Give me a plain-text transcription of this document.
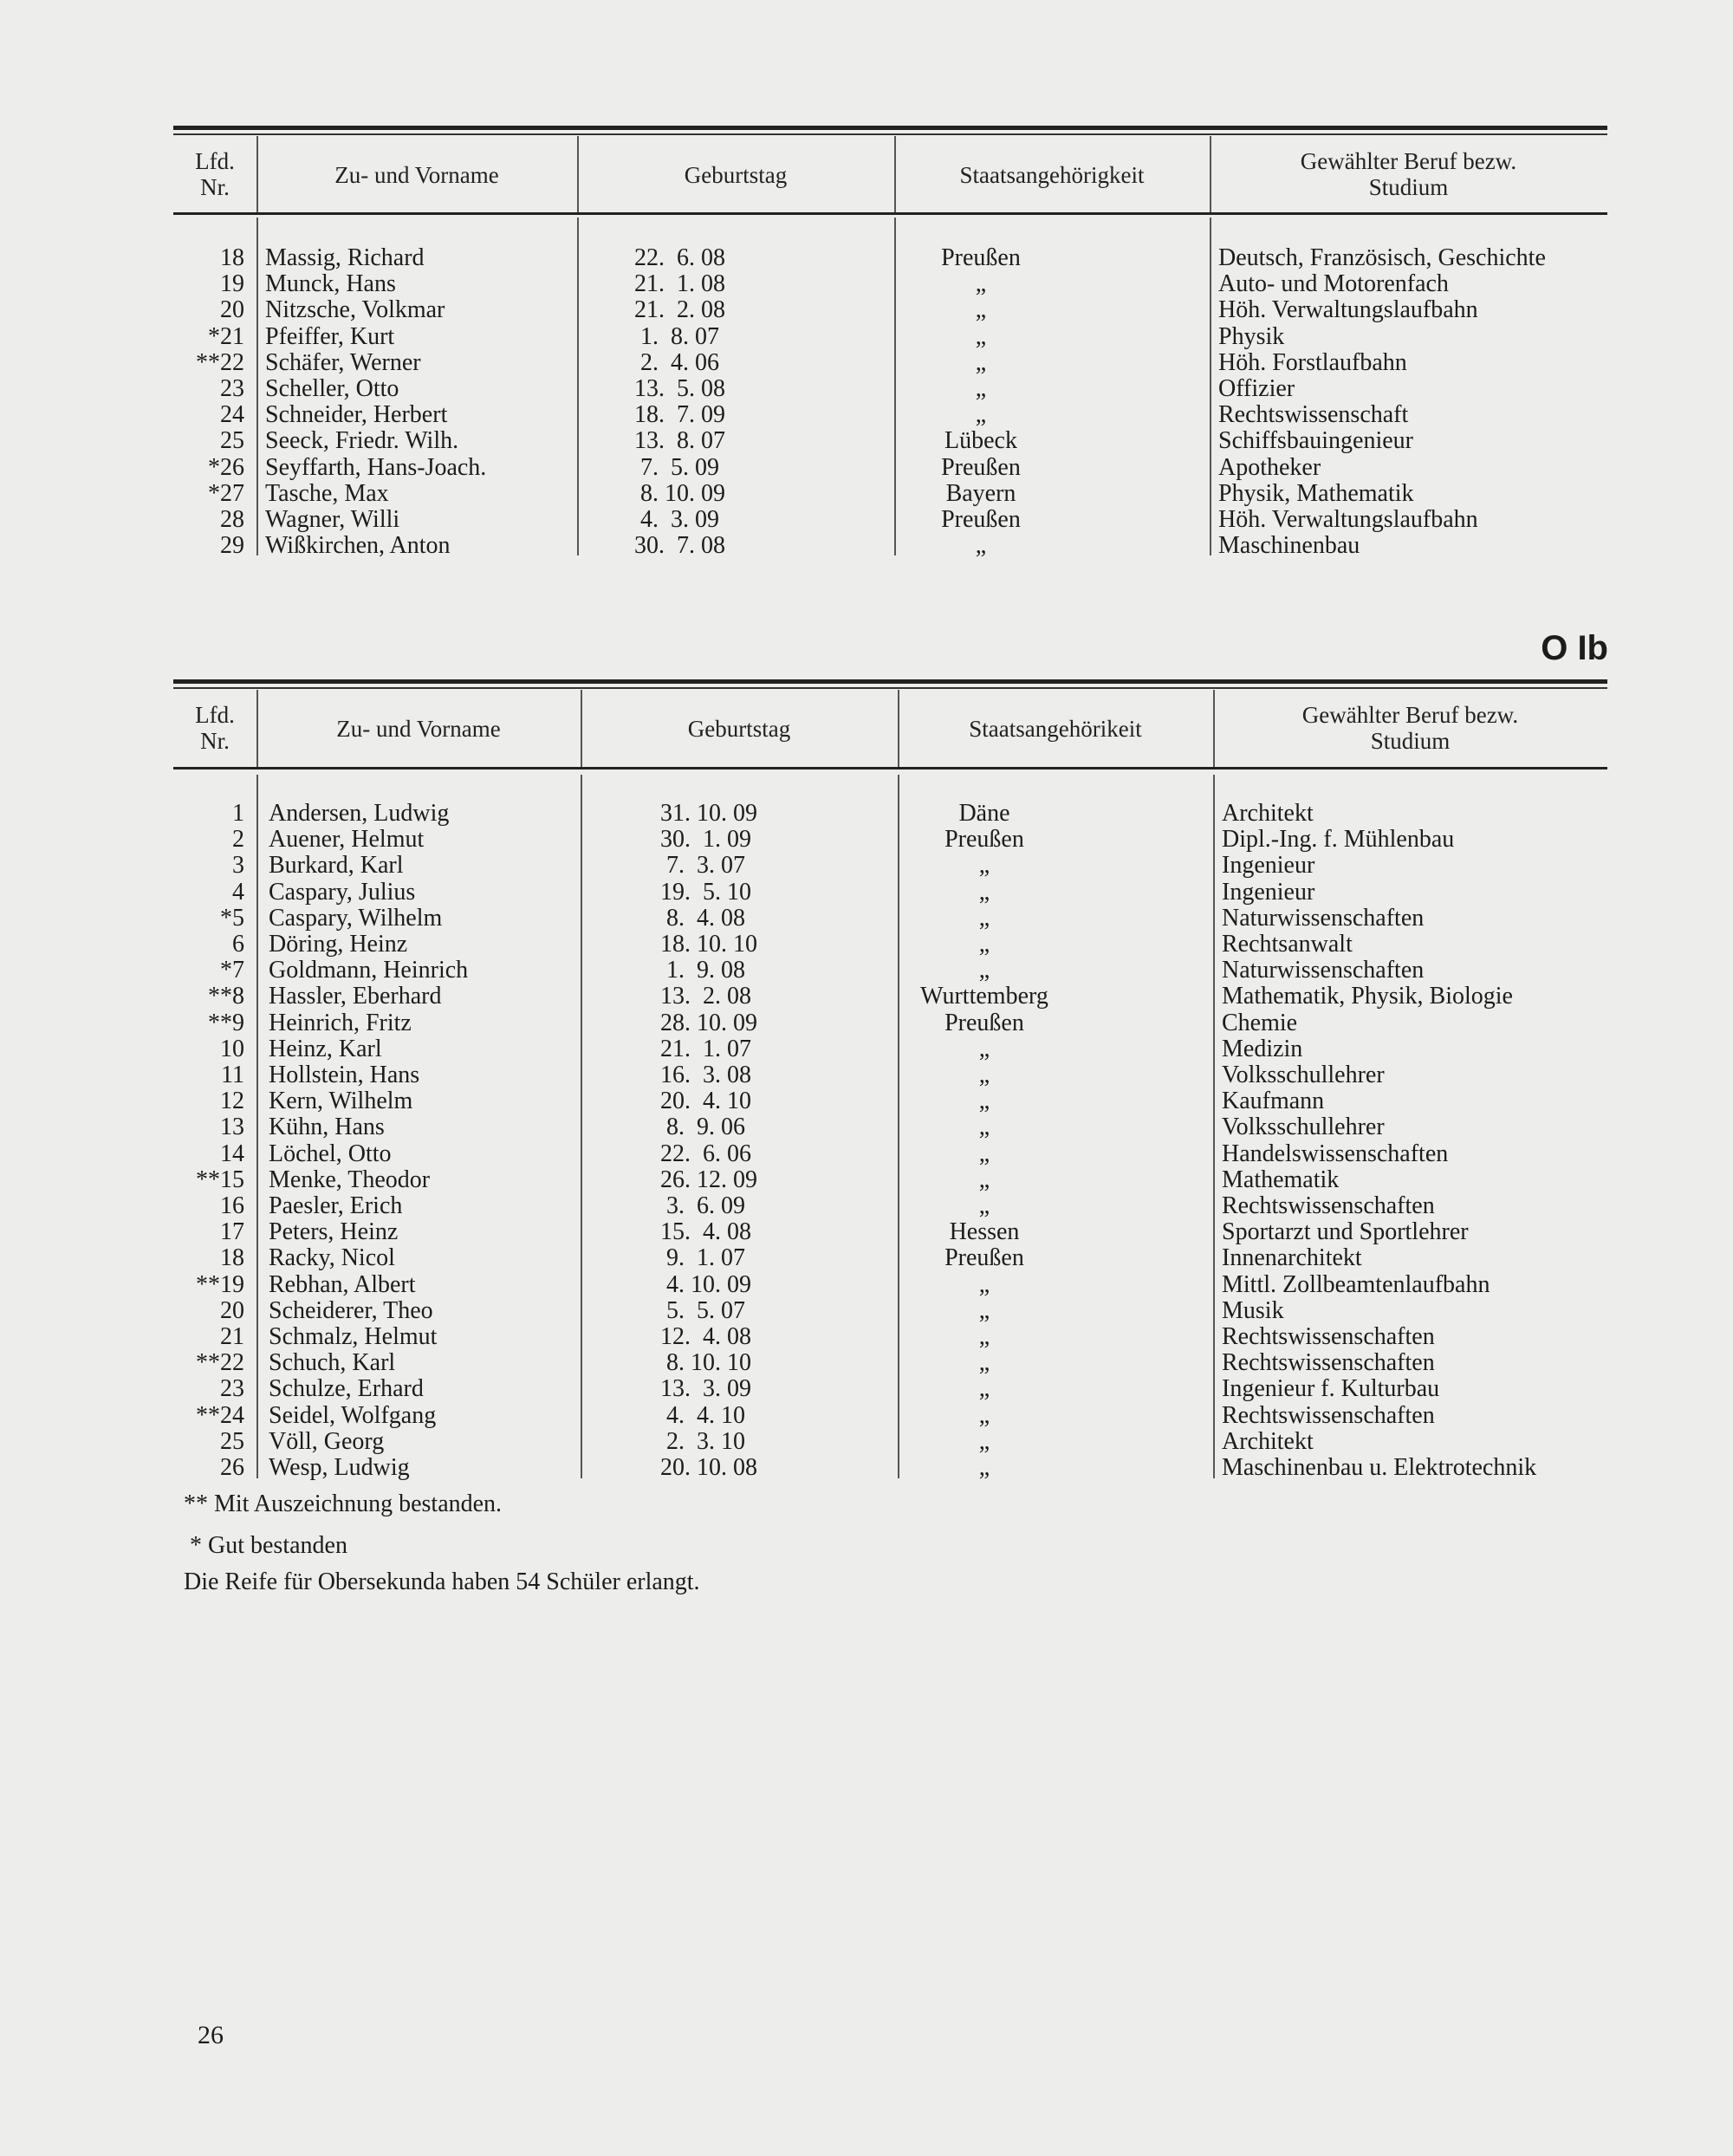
Lfd.
Nr.	Zu- und Vorname	Geburtstag	Staatsangehörigkeit
Gewählter Beruf bezw.
Studium
18 Massig, Richard	22.  6. 08	Preußen	Deutsch, Französisch, Geschichte
19 Munck, Hans	21.  1. 08	„	Auto- und Motorenfach
20 Nitzsche, Volkmar	21.  2. 08	„	Höh. Verwaltungslaufbahn
*21 Pfeiffer, Kurt	1.  8. 07	„	Physik
**22 Schäfer, Werner	2.  4. 06	„	Höh. Forstlaufbahn
23 Scheller, Otto	13.  5. 08	„	Offizier
24 Schneider, Herbert	18.  7. 09	„	Rechtswissenschaft
25 Seeck, Friedr. Wilh.	13.  8. 07	Lübeck	Schiffsbauingenieur
*26 Seyffarth, Hans-Joach.	7.  5. 09	Preußen	Apotheker
*27 Tasche, Max	8. 10. 09	Bayern	Physik, Mathematik
28 Wagner, Willi	4.  3. 09	Preußen	Höh. Verwaltungslaufbahn
29 Wißkirchen, Anton	30.  7. 08	„	Maschinenbau
O Ib
Lfd.
Nr.	Zu- und Vorname	Geburtstag	Staatsangehörikeit
Gewählter Beruf bezw.
Studium
1 Andersen, Ludwig	31. 10. 09	Däne	Architekt
2 Auener, Helmut	30.  1. 09	Preußen	Dipl.-Ing. f. Mühlenbau
3 Burkard, Karl	7.  3. 07	„	Ingenieur
4 Caspary, Julius	19.  5. 10	„	Ingenieur
*5 Caspary, Wilhelm	8.  4. 08	„	Naturwissenschaften
6 Döring, Heinz	18. 10. 10	„	Rechtsanwalt
*7 Goldmann, Heinrich	1.  9. 08	„	Naturwissenschaften
**8 Hassler, Eberhard	13.  2. 08	Wurttemberg	Mathematik, Physik, Biologie
**9 Heinrich, Fritz	28. 10. 09	Preußen	Chemie
10 Heinz, Karl	21.  1. 07	„	Medizin
11 Hollstein, Hans	16.  3. 08	„	Volksschullehrer
12 Kern, Wilhelm	20.  4. 10	„	Kaufmann
13 Kühn, Hans	8.  9. 06	„	Volksschullehrer
14 Löchel, Otto	22.  6. 06	„	Handelswissenschaften
**15 Menke, Theodor	26. 12. 09	„	Mathematik
16 Paesler, Erich	3.  6. 09	„	Rechtswissenschaften
17 Peters, Heinz	15.  4. 08	Hessen	Sportarzt und Sportlehrer
18 Racky, Nicol	9.  1. 07	Preußen	Innenarchitekt
**19 Rebhan, Albert	4. 10. 09	„	Mittl. Zollbeamtenlaufbahn
20 Scheiderer, Theo	5.  5. 07	„	Musik
21 Schmalz, Helmut	12.  4. 08	„	Rechtswissenschaften
**22 Schuch, Karl	8. 10. 10	„	Rechtswissenschaften
23 Schulze, Erhard	13.  3. 09	„	Ingenieur f. Kulturbau
**24 Seidel, Wolfgang	4.  4. 10	„	Rechtswissenschaften
25 Völl, Georg	2.  3. 10	„	Architekt
26 Wesp, Ludwig	20. 10. 08	„	Maschinenbau u. Elektrotechnik
** Mit Auszeichnung bestanden.
* Gut bestanden
Die Reife für Obersekunda haben 54 Schüler erlangt.
26
